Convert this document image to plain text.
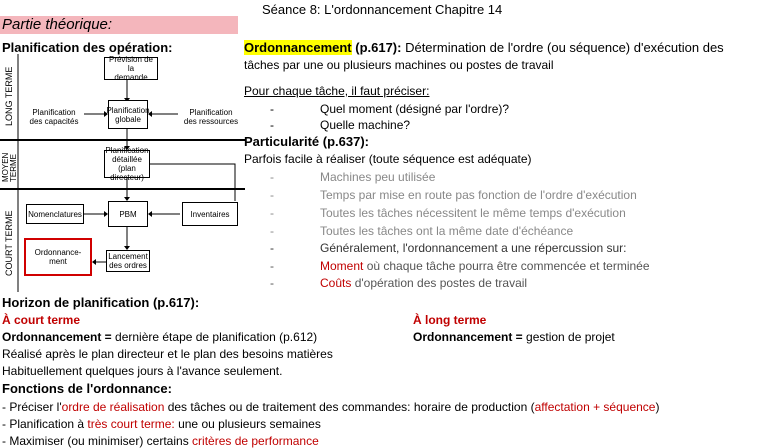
Séance 8: L'ordonnancement Chapitre 14
Partie théorique:
Planification des opération:
LONG TERME
MOYEN
TERME
COURT TERME
Prévision de la
demande
Planification
des capacités
Planification
globale
Planification
des ressources
Planification
détaillée
(plan directeur)
Nomenclatures	PBM	Inventaires
Ordonnance-
ment
Lancement
des ordres
Ordonnancement (p.617): Détermination de l'ordre (ou séquence) d'exécution des
tâches par une ou plusieurs machines ou postes de travail
Pour chaque tâche, il faut préciser:
-	Quel moment (désigné par l'ordre)?
-	Quelle machine?
Particularité (p.637):
Parfois facile à réaliser (toute séquence est adéquate)
-	Machines peu utilisée
-	Temps par mise en route pas fonction de l'ordre d'exécution
-	Toutes les tâches nécessitent le même temps d'exécution
-	Toutes les tâches ont la même date d'échéance
-	Généralement, l'ordonnancement a une répercussion sur:
-	Moment où chaque tâche pourra être commencée et terminée
-	Coûts d'opération des postes de travail
Horizon de planification (p.617):
À court terme
Ordonnancement = dernière étape de planification (p.612)
Réalisé après le plan directeur et le plan des besoins matières
Habituellement quelques jours à l'avance seulement.
À long terme
Ordonnancement = gestion de projet
Fonctions de l'ordonnance:
- Préciser l'ordre de réalisation des tâches ou de traitement des commandes: horaire de production (affectation + séquence)
- Planification à très court terme: une ou plusieurs semaines
- Maximiser (ou minimiser) certains critères de performance
